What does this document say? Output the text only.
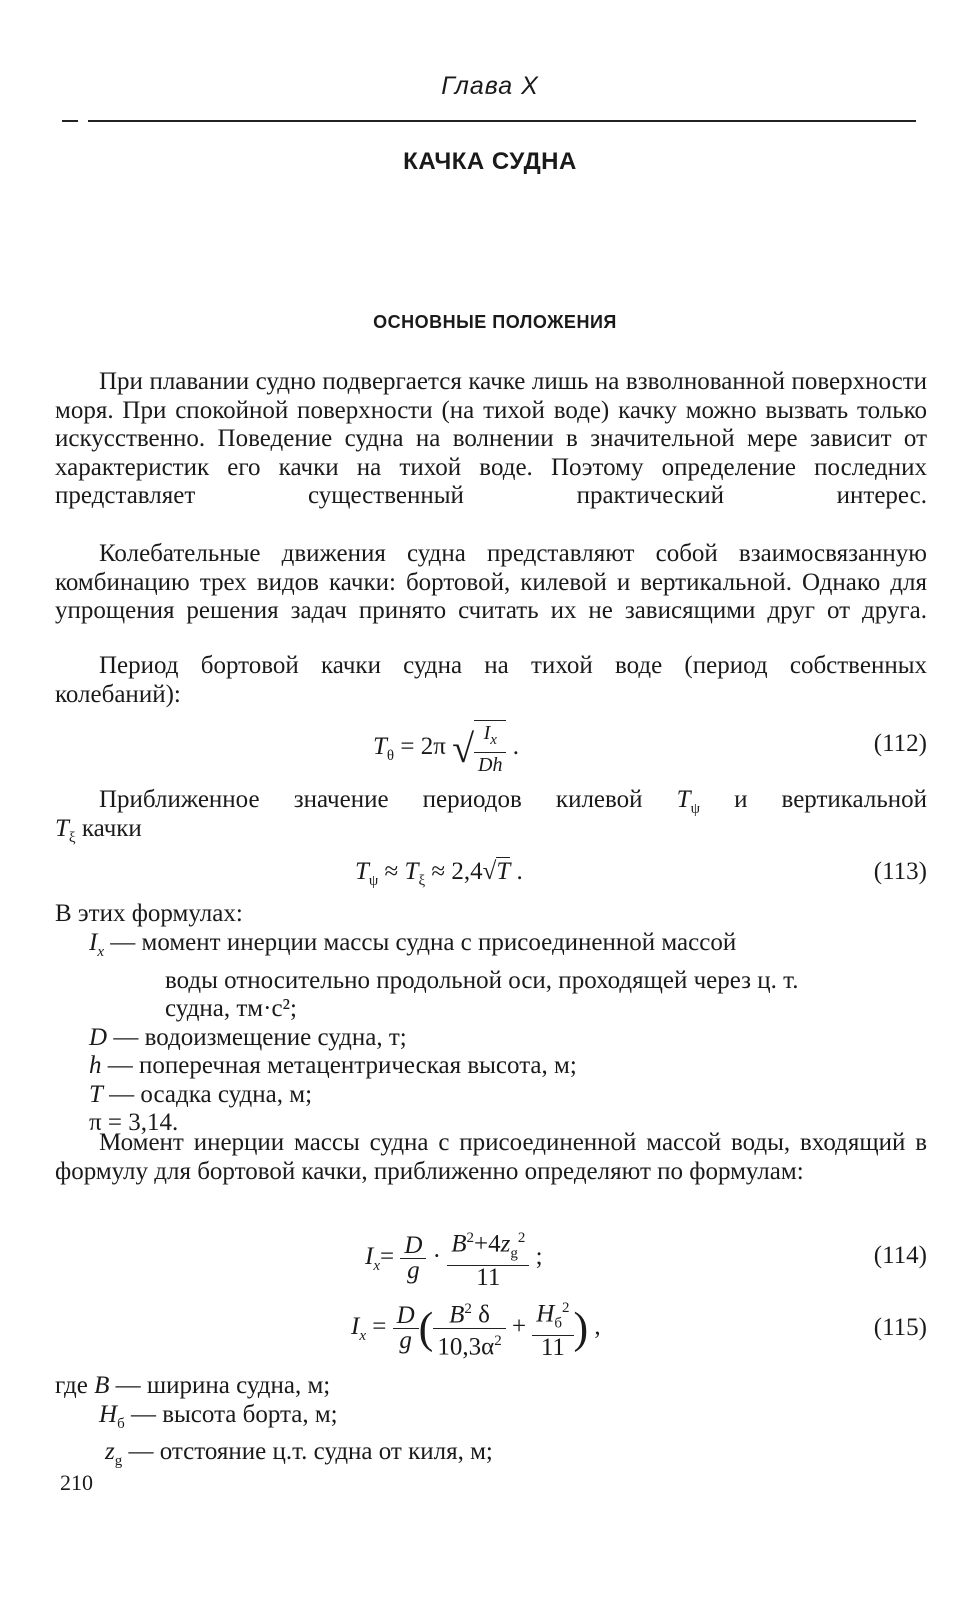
Глава X
КАЧКА СУДНА
ОСНОВНЫЕ ПОЛОЖЕНИЯ
При плавании судно подвергается качке лишь на взволнованной поверхности моря. При спокойной поверхности (на тихой воде) качку можно вызвать только искусственно. Поведение судна на волнении в значительной мере зависит от характеристик его качки на тихой воде. Поэтому определение последних представляет существенный практический интерес.
Колебательные движения судна представляют собой взаимосвязанную комбинацию трех видов качки: бортовой, килевой и вертикальной. Однако для упрощения решения задач принято считать их не зависящими друг от друга.
Период бортовой качки судна на тихой воде (период собственных колебаний):
$T_\theta = 2\pi$ √ $\frac{I_x}{Dh}$ .	(112)
Приближенное значение периодов килевой $T_\psi$ и вертикальной
$T_\xi$ качки
$T_\psi \approx T_\xi \approx 2,4√T$ .	(113)
В этих формулах:
$I_x$ — момент инерции массы судна с присоединенной массой
воды относительно продольной оси, проходящей через ц. т.
судна, тм·с²;
D — водоизмещение судна, т;
h — поперечная метацентрическая высота, м;
T — осадка судна, м;
π = 3,14.
Момент инерции массы судна с присоединенной массой воды, входящий в формулу для бортовой качки, приближенно определяют по формулам:
$I_x= \frac{D}{g} \cdot \frac{B^2+4z_g^2}{11}$ ;	(114)
$I_x = \frac{D}{g}$ ( $\frac{B^2 \delta}{10,3\alpha^2} + \frac{H_б^2}{11}$ ) ,	(115)
где B — ширина судна, м;
$H_б$ — высота борта, м;
$z_g$ — отстояние ц.т. судна от киля, м;
210
